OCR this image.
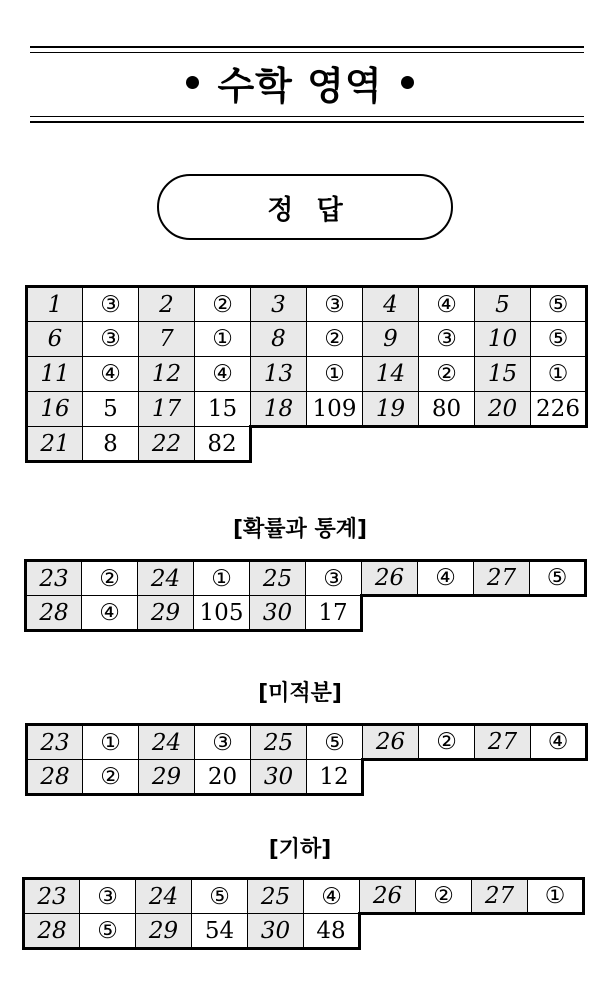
수학 영역
정 답
1	③	2	②	3	③	4	④	5	⑤
6	③	7	①	8	②	9	③	10	⑤
11	④	12	④	13	①	14	②	15	①
16	5	17	15	18	109	19	80	20	226
21	8	22	82						
[확률과 통계]
23	②	24	①	25	③	26	④	27	⑤
28	④	29	105	30	17				
[미적분]
23	①	24	③	25	⑤	26	②	27	④
28	②	29	20	30	12				
[기하]
23	③	24	⑤	25	④	26	②	27	①
28	⑤	29	54	30	48				
